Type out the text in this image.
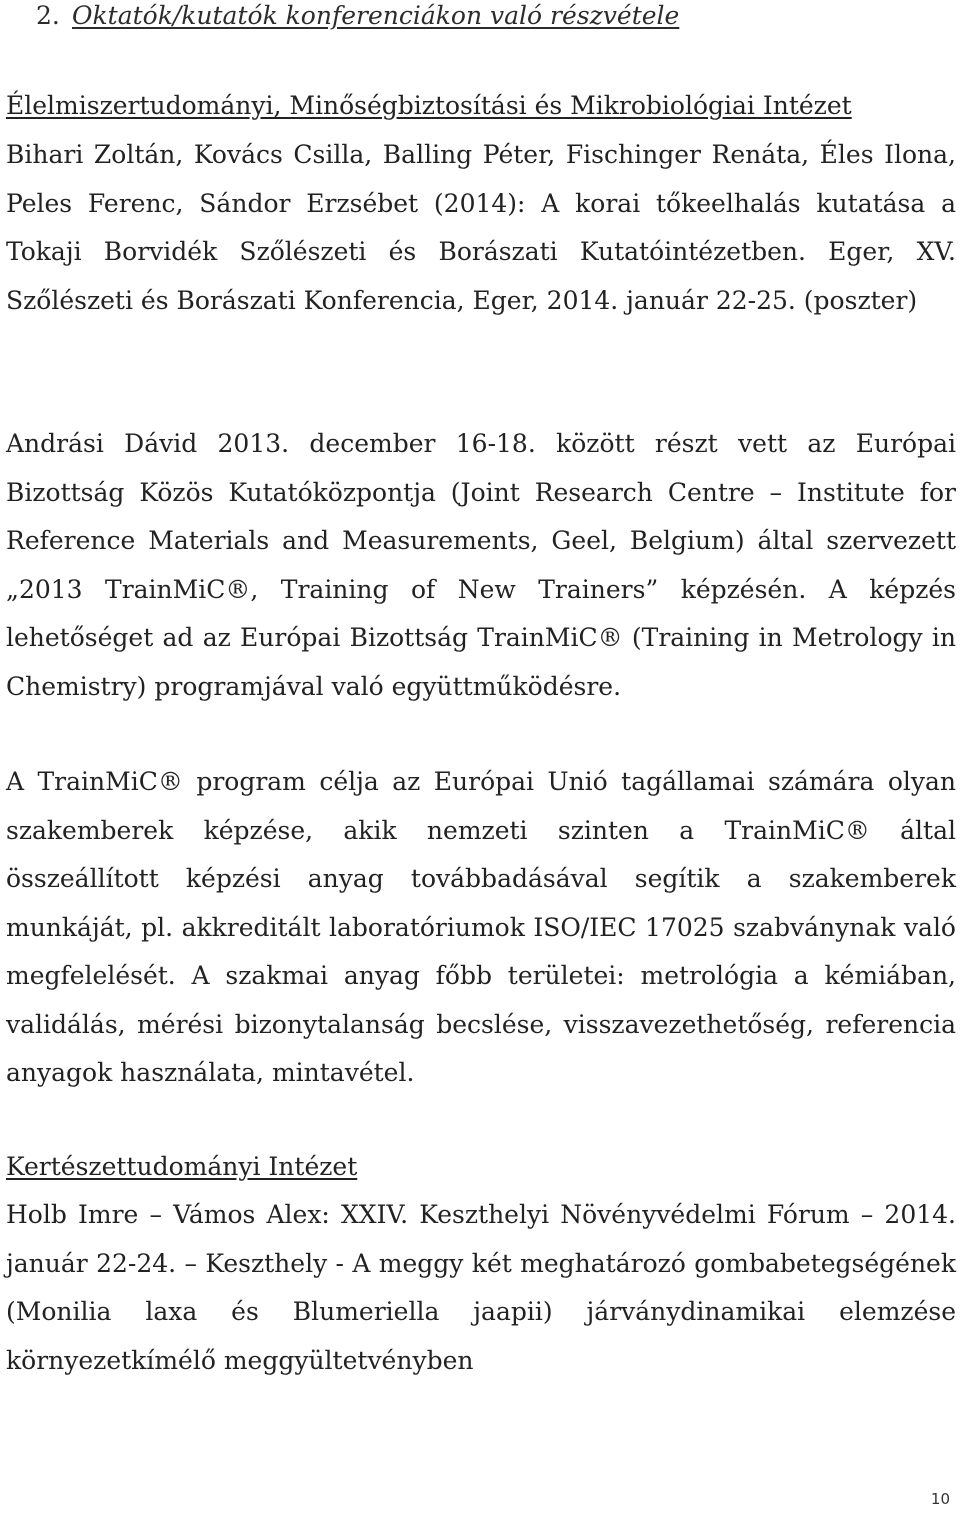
2. Oktatók/kutatók konferenciákon való részvétele
Élelmiszertudományi, Minőségbiztosítási és Mikrobiológiai Intézet

Bihari Zoltán, Kovács Csilla, Balling Péter, Fischinger Renáta, Éles Ilona, Peles Ferenc, Sándor Erzsébet (2014): A korai tőkeelhalás kutatása a Tokaji Borvidék Szőlészeti és Borászati Kutatóintézetben. Eger, XV. Szőlészeti és Borászati Konferencia, Eger, 2014. január 22-25. (poszter)

Andrási Dávid 2013. december 16-18. között részt vett az Európai Bizottság Közös Kutatóközpontja (Joint Research Centre – Institute for Reference Materials and Measurements, Geel, Belgium) által szervezett „2013 TrainMiC®, Training of New Trainers” képzésén. A képzés lehetőséget ad az Európai Bizottság TrainMiC® (Training in Metrology in Chemistry) programjával való együttműködésre.

A TrainMiC® program célja az Európai Unió tagállamai számára olyan szakemberek képzése, akik nemzeti szinten a TrainMiC® által összeállított képzési anyag továbbadásával segítik a szakemberek munkáját, pl. akkreditált laboratóriumok ISO/IEC 17025 szabványnak való megfelelését. A szakmai anyag főbb területei: metrológia a kémiában, validálás, mérési bizonytalanság becslése, visszavezethetőség, referencia anyagok használata, mintavétel.

Kertészettudományi Intézet

Holb Imre – Vámos Alex: XXIV. Keszthelyi Növényvédelmi Fórum – 2014. január 22-24. – Keszthely - A meggy két meghatározó gombabetegségének (Monilia laxa és Blumeriella jaapii) járványdinamikai elemzése környezetkímélő meggyültetvényben

10
